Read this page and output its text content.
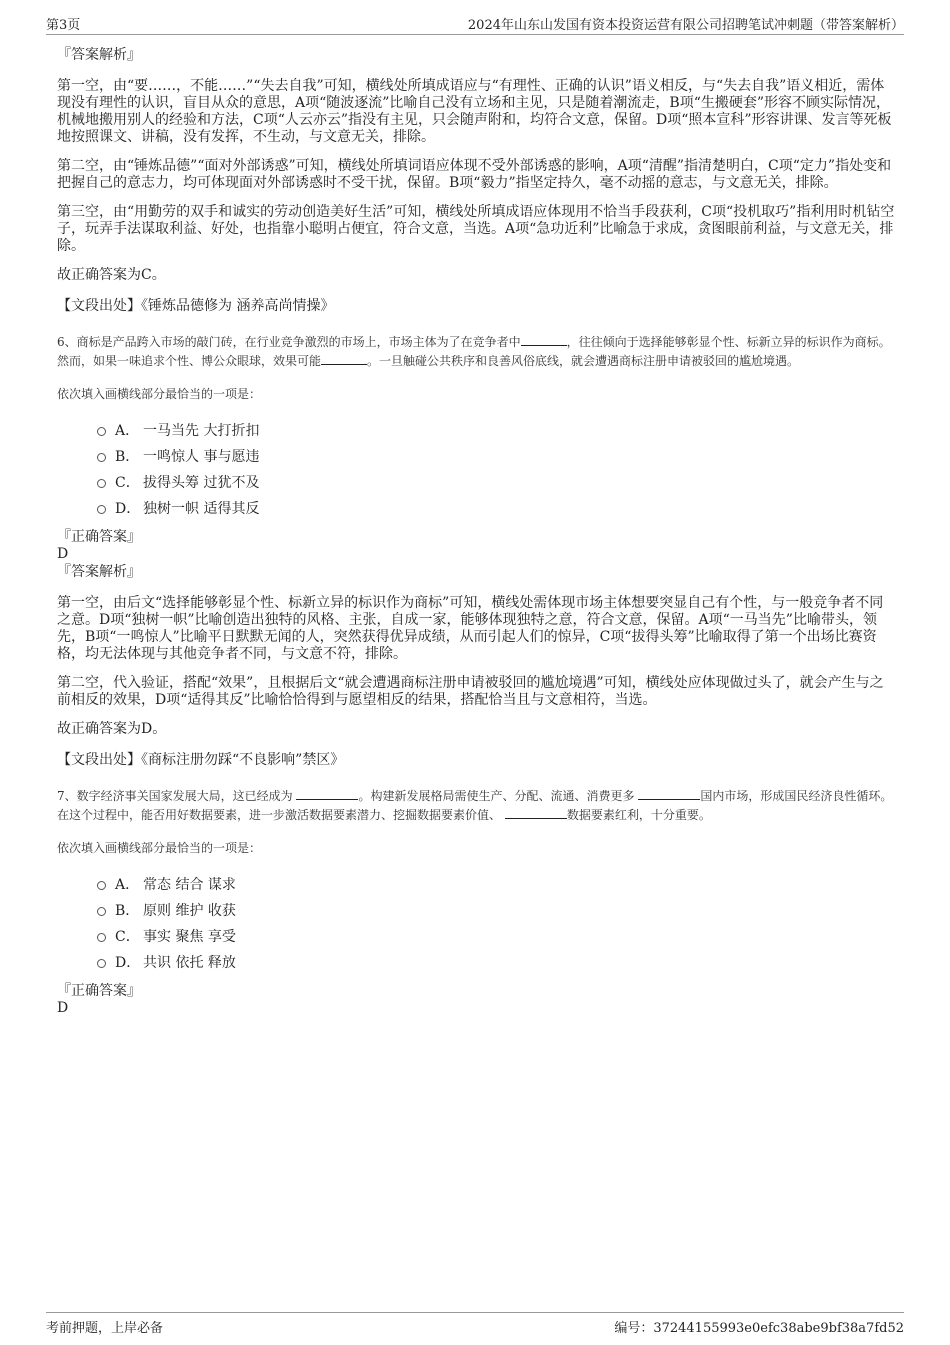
第3页	2024年山东山发国有资本投资运营有限公司招聘笔试冲刺题（带答案解析）

『答案解析』

第一空，由“要……，不能……”“失去自我”可知，横线处所填成语应与“有理性、正确的认识”语义相反，与“失去自我”语义相近，需体现没有理性的认识，盲目从众的意思，A项“随波逐流”比喻自己没有立场和主见，只是随着潮流走，B项“生搬硬套”形容不顾实际情况，机械地搬用别人的经验和方法，C项“人云亦云”指没有主见，只会随声附和，均符合文意，保留。D项“照本宣科”形容讲课、发言等死板地按照课文、讲稿，没有发挥，不生动，与文意无关，排除。

第二空，由“锤炼品德”“面对外部诱惑”可知，横线处所填词语应体现不受外部诱惑的影响，A项“清醒”指清楚明白，C项“定力”指处变和把握自己的意志力，均可体现面对外部诱惑时不受干扰，保留。B项“毅力”指坚定持久，毫不动摇的意志，与文意无关，排除。

第三空，由“用勤劳的双手和诚实的劳动创造美好生活”可知，横线处所填成语应体现用不恰当手段获利，C项“投机取巧”指利用时机钻空子，玩弄手法谋取利益、好处，也指靠小聪明占便宜，符合文意，当选。A项“急功近利”比喻急于求成，贪图眼前利益，与文意无关，排除。

故正确答案为C。

【文段出处】《锤炼品德修为 涵养高尚情操》

6、商标是产品跨入市场的敲门砖，在行业竞争激烈的市场上，市场主体为了在竞争者中	，往往倾向于选择能够彰显个性、标新立异的标识作为商标。然而，如果一味追求个性、博公众眼球，效果可能	。一旦触碰公共秩序和良善风俗底线，就会遭遇商标注册申请被驳回的尴尬境遇。

依次填入画横线部分最恰当的一项是：

A． 一马当先 大打折扣
B． 一鸣惊人 事与愿违
C． 拔得头筹 过犹不及
D． 独树一帜 适得其反

『正确答案』

D

『答案解析』

第一空，由后文“选择能够彰显个性、标新立异的标识作为商标”可知，横线处需体现市场主体想要突显自己有个性，与一般竞争者不同之意。D项“独树一帜”比喻创造出独特的风格、主张，自成一家，能够体现独特之意，符合文意，保留。A项“一马当先”比喻带头，领先，B项“一鸣惊人”比喻平日默默无闻的人，突然获得优异成绩，从而引起人们的惊异，C项“拔得头筹”比喻取得了第一个出场比赛资格，均无法体现与其他竞争者不同，与文意不符，排除。

第二空，代入验证，搭配“效果”，且根据后文“就会遭遇商标注册申请被驳回的尴尬境遇”可知，横线处应体现做过头了，就会产生与之前相反的效果，D项“适得其反”比喻恰恰得到与愿望相反的结果，搭配恰当且与文意相符，当选。

故正确答案为D。

【文段出处】《商标注册勿踩“不良影响”禁区》

7、数字经济事关国家发展大局，这已经成为	。构建新发展格局需使生产、分配、流通、消费更多	国内市场，形成国民经济良性循环。在这个过程中，能否用好数据要素，进一步激活数据要素潜力、挖掘数据要素价值、	数据要素红利，十分重要。

依次填入画横线部分最恰当的一项是：

A． 常态 结合 谋求
B． 原则 维护 收获
C． 事实 聚焦 享受
D． 共识 依托 释放

『正确答案』

D

考前押题，上岸必备	编号：37244155993e0efc38abe9bf38a7fd52
